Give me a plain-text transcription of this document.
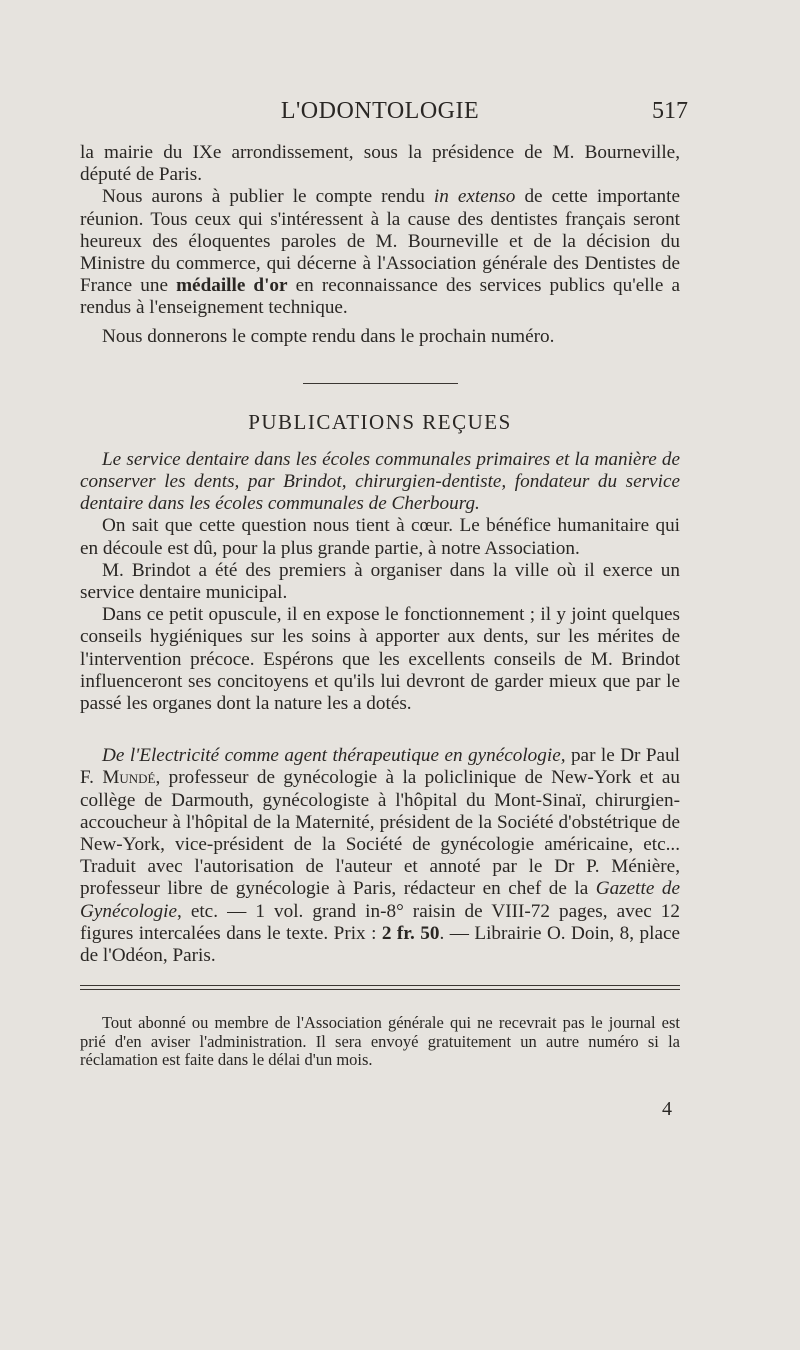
L'ODONTOLOGIE	517

la mairie du IXe arrondissement, sous la présidence de M. Bourneville, député de Paris.

Nous aurons à publier le compte rendu in extenso de cette importante réunion. Tous ceux qui s'intéressent à la cause des dentistes français seront heureux des éloquentes paroles de M. Bourneville et de la décision du Ministre du commerce, qui décerne à l'Association générale des Dentistes de France une médaille d'or en reconnaissance des services publics qu'elle a rendus à l'enseignement technique.

Nous donnerons le compte rendu dans le prochain numéro.

PUBLICATIONS REÇUES

Le service dentaire dans les écoles communales primaires et la manière de conserver les dents, par Brindot, chirurgien-dentiste, fondateur du service dentaire dans les écoles communales de Cherbourg.

On sait que cette question nous tient à cœur. Le bénéfice humanitaire qui en découle est dû, pour la plus grande partie, à notre Association.

M. Brindot a été des premiers à organiser dans la ville où il exerce un service dentaire municipal.

Dans ce petit opuscule, il en expose le fonctionnement ; il y joint quelques conseils hygiéniques sur les soins à apporter aux dents, sur les mérites de l'intervention précoce. Espérons que les excellents conseils de M. Brindot influenceront ses concitoyens et qu'ils lui devront de garder mieux que par le passé les organes dont la nature les a dotés.

De l'Electricité comme agent thérapeutique en gynécologie, par le Dr Paul F. Mundé, professeur de gynécologie à la policlinique de New-York et au collège de Darmouth, gynécologiste à l'hôpital du Mont-Sinaï, chirurgien-accoucheur à l'hôpital de la Maternité, président de la Société d'obstétrique de New-York, vice-président de la Société de gynécologie américaine, etc... Traduit avec l'autorisation de l'auteur et annoté par le Dr P. Ménière, professeur libre de gynécologie à Paris, rédacteur en chef de la Gazette de Gynécologie, etc. — 1 vol. grand in-8° raisin de VIII-72 pages, avec 12 figures intercalées dans le texte. Prix : 2 fr. 50. — Librairie O. Doin, 8, place de l'Odéon, Paris.

Tout abonné ou membre de l'Association générale qui ne recevrait pas le journal est prié d'en aviser l'administration. Il sera envoyé gratuitement un autre numéro si la réclamation est faite dans le délai d'un mois.

4
